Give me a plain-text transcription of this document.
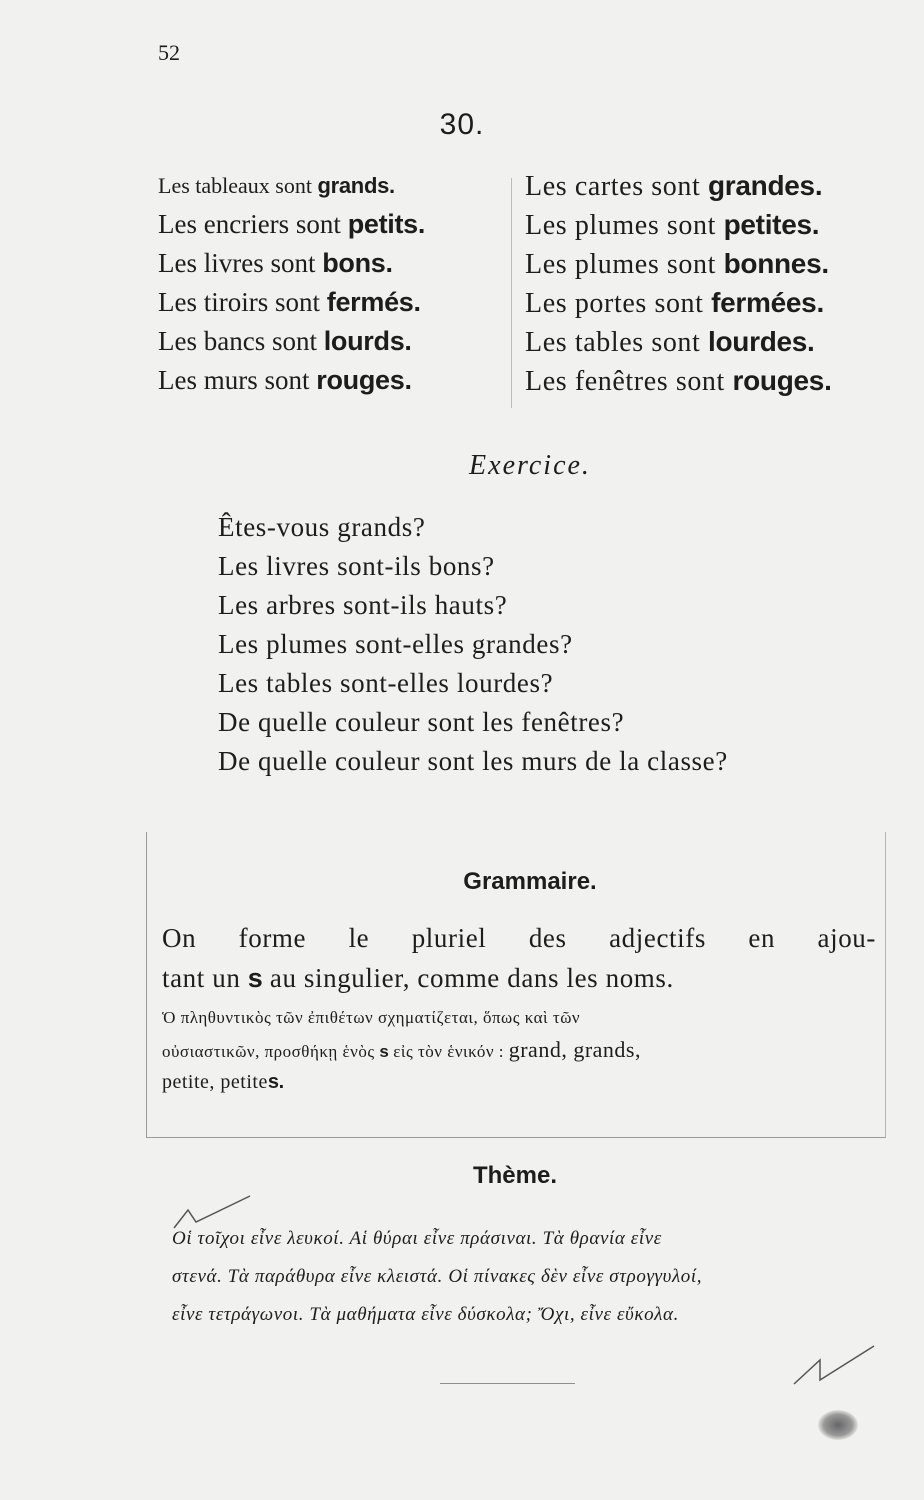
52
30.
Les tableaux sont grands.
Les encriers sont petits.
Les livres sont bons.
Les tiroirs sont fermés.
Les bancs sont lourds.
Les murs sont rouges.
Les cartes sont grandes.
Les plumes sont petites.
Les plumes sont bonnes.
Les portes sont fermées.
Les tables sont lourdes.
Les fenêtres sont rouges.
Exercice.
Êtes-vous grands?
Les livres sont-ils bons?
Les arbres sont-ils hauts?
Les plumes sont-elles grandes?
Les tables sont-elles lourdes?
De quelle couleur sont les fenêtres?
De quelle couleur sont les murs de la classe?
Grammaire.
On forme le pluriel des adjectifs en ajou-
tant un s au singulier, comme dans les noms.
Ὁ πληθυντικὸς τῶν ἐπιθέτων σχηματίζεται, ὅπως καὶ τῶν
οὐσιαστικῶν, προσθήκῃ ἑνὸς s εἰς τὸν ἑνικόν : grand, grands,
petite, petites.
Thème.
Οἱ τοῖχοι εἶνε λευκοί. Αἱ θύραι εἶνε πράσιναι. Τὰ θρανία εἶνε
στενά. Τὰ παράθυρα εἶνε κλειστά. Οἱ πίνακες δὲν εἶνε στρογγυλοί,
εἶνε τετράγωνοι. Τὰ μαθήματα εἶνε δύσκολα; Ὄχι, εἶνε εὔκολα.
